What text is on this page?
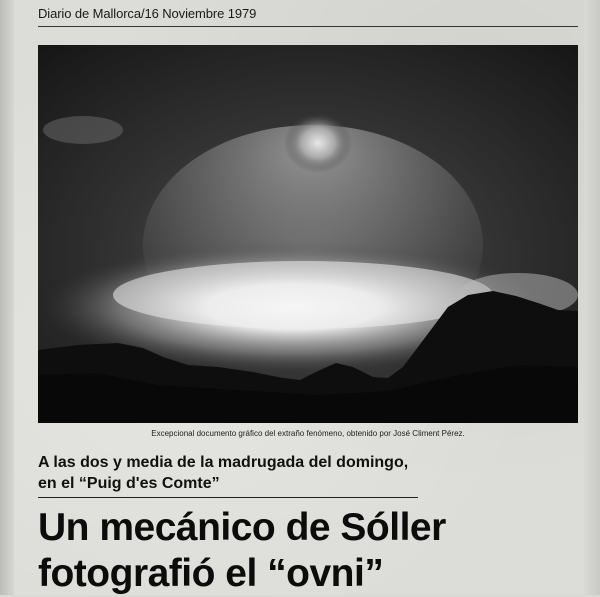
Diario de Mallorca/16 Noviembre 1979
Excepcional documento gráfico del extraño fenómeno, obtenido por José Climent Pérez.
A las dos y media de la madrugada del domingo,
en el “Puig d'es Comte”
Un mecánico de Sóller
fotografió el “ovni”
